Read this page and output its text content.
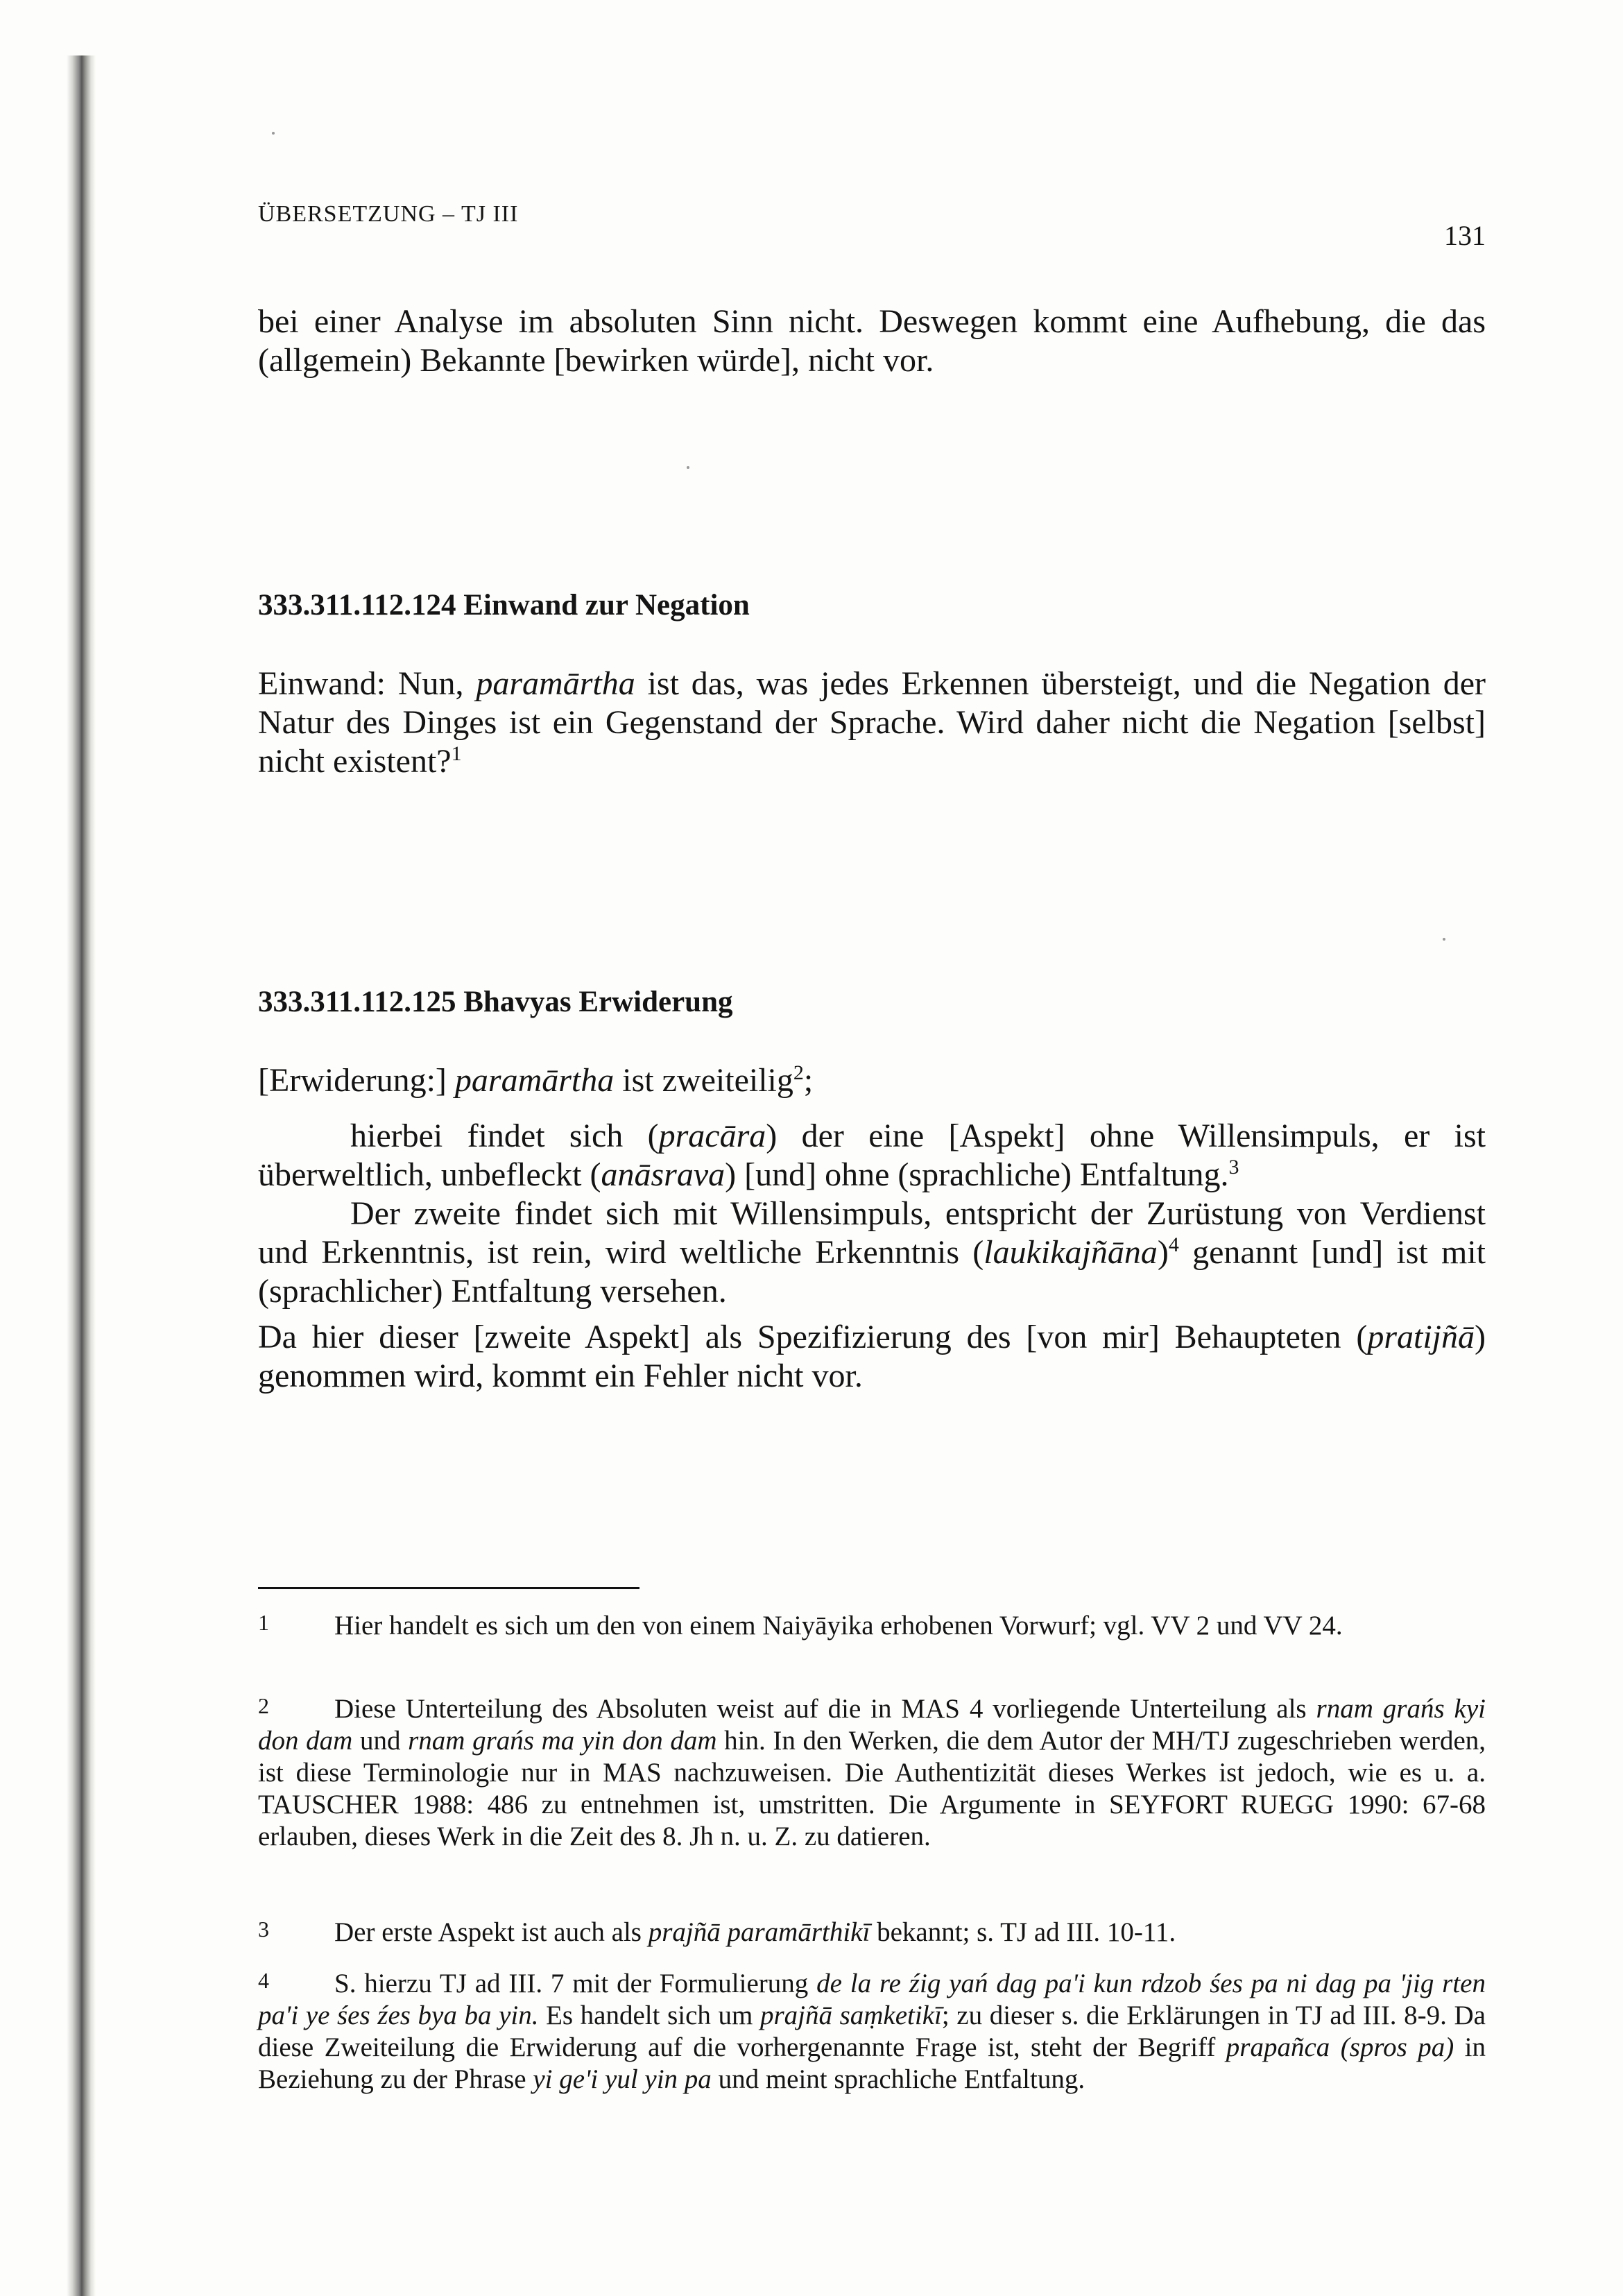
ÜBERSETZUNG – TJ III
131

bei einer Analyse im absoluten Sinn nicht. Deswegen kommt eine Aufhebung, die das (allgemein) Bekannte [bewirken würde], nicht vor.

333.311.112.124 Einwand zur Negation

Einwand: Nun, paramārtha ist das, was jedes Erkennen übersteigt, und die Negation der Natur des Dinges ist ein Gegenstand der Sprache. Wird daher nicht die Negation [selbst] nicht existent?$^1$

333.311.112.125 Bhavyas Erwiderung

[Erwiderung:] paramārtha ist zweiteilig$^2$;

hierbei findet sich (pracāra) der eine [Aspekt] ohne Willensimpuls, er ist überweltlich, unbefleckt (anāsrava) [und] ohne (sprachliche) Entfaltung.$^3$

Der zweite findet sich mit Willensimpuls, entspricht der Zurüstung von Verdienst und Erkenntnis, ist rein, wird weltliche Erkenntnis (laukikajñāna)$^4$ genannt [und] ist mit (sprachlicher) Entfaltung versehen.

Da hier dieser [zweite Aspekt] als Spezifizierung des [von mir] Behaupteten (pratijñā) genommen wird, kommt ein Fehler nicht vor.

1 Hier handelt es sich um den von einem Naiyāyika erhobenen Vorwurf; vgl. VV 2 und VV 24.
2 Diese Unterteilung des Absoluten weist auf die in MAS 4 vorliegende Unterteilung als rnam grańs kyi don dam und rnam grańs ma yin don dam hin. In den Werken, die dem Autor der MH/TJ zugeschrieben werden, ist diese Terminologie nur in MAS nachzuweisen. Die Authentizität dieses Werkes ist jedoch, wie es u. a. TAUSCHER 1988: 486 zu entnehmen ist, umstritten. Die Argumente in SEYFORT RUEGG 1990: 67-68 erlauben, dieses Werk in die Zeit des 8. Jh n. u. Z. zu datieren.
3 Der erste Aspekt ist auch als prajñā paramārthikī bekannt; s. TJ ad III. 10-11.
4 S. hierzu TJ ad III. 7 mit der Formulierung de la re źig yań dag pa'i kun rdzob śes pa ni dag pa 'jig rten pa'i ye śes źes bya ba yin. Es handelt sich um prajñā saṃketikī; zu dieser s. die Erklärungen in TJ ad III. 8-9. Da diese Zweiteilung die Erwiderung auf die vorhergenannte Frage ist, steht der Begriff prapañca (spros pa) in Beziehung zu der Phrase yi ge'i yul yin pa und meint sprachliche Entfaltung.
